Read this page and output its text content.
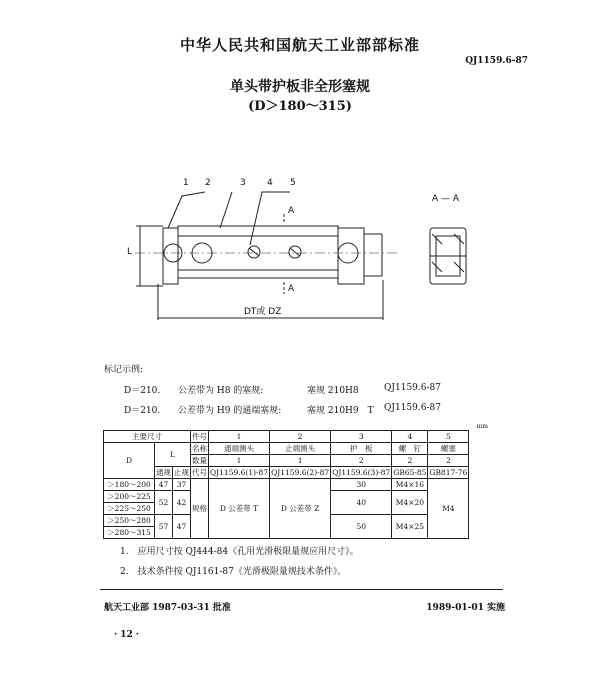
中华人民共和国航天工业部部标准
QJ1159.6-87
单头带护板非全形塞规
(D＞180～315)
1 2	3 4 5
A
A
A — A
L
DT或 DZ
标记示例:
D＝210. 公差带为 H8 的塞规:	塞规 210H8	QJ1159.6-87
D＝210. 公差带为 H9 的通端塞规:	塞规 210H9　T QJ1159.6-87
mm
主要尺寸			件号	1	2	3	4	5
D	L		名称	通端测头	止端测头	护　板	螺　钉	螺塞
			数量	1	1	2	2	2
	通规	止规	代号	QJ1159.6(1)-87	QJ1159.6(2)-87	QJ1159.6(3)-87	GB65-85	GB817-76
＞180～200	47	37	规格	D 公差带 T	D 公差带 Z	30	M4×16	M4
＞200～225	52	42				40	M4×20	
＞225～250								
＞250～280	57	47				50	M4×25	
＞280～315								
1.　应用尺寸按 QJ444-84《孔用光滑极限量规应用尺寸》。
2.　技术条件按 QJ1161-87《光滑极限量规技术条件》。
航天工业部 1987-03-31 批准	1989-01-01 实施
· 12 ·
